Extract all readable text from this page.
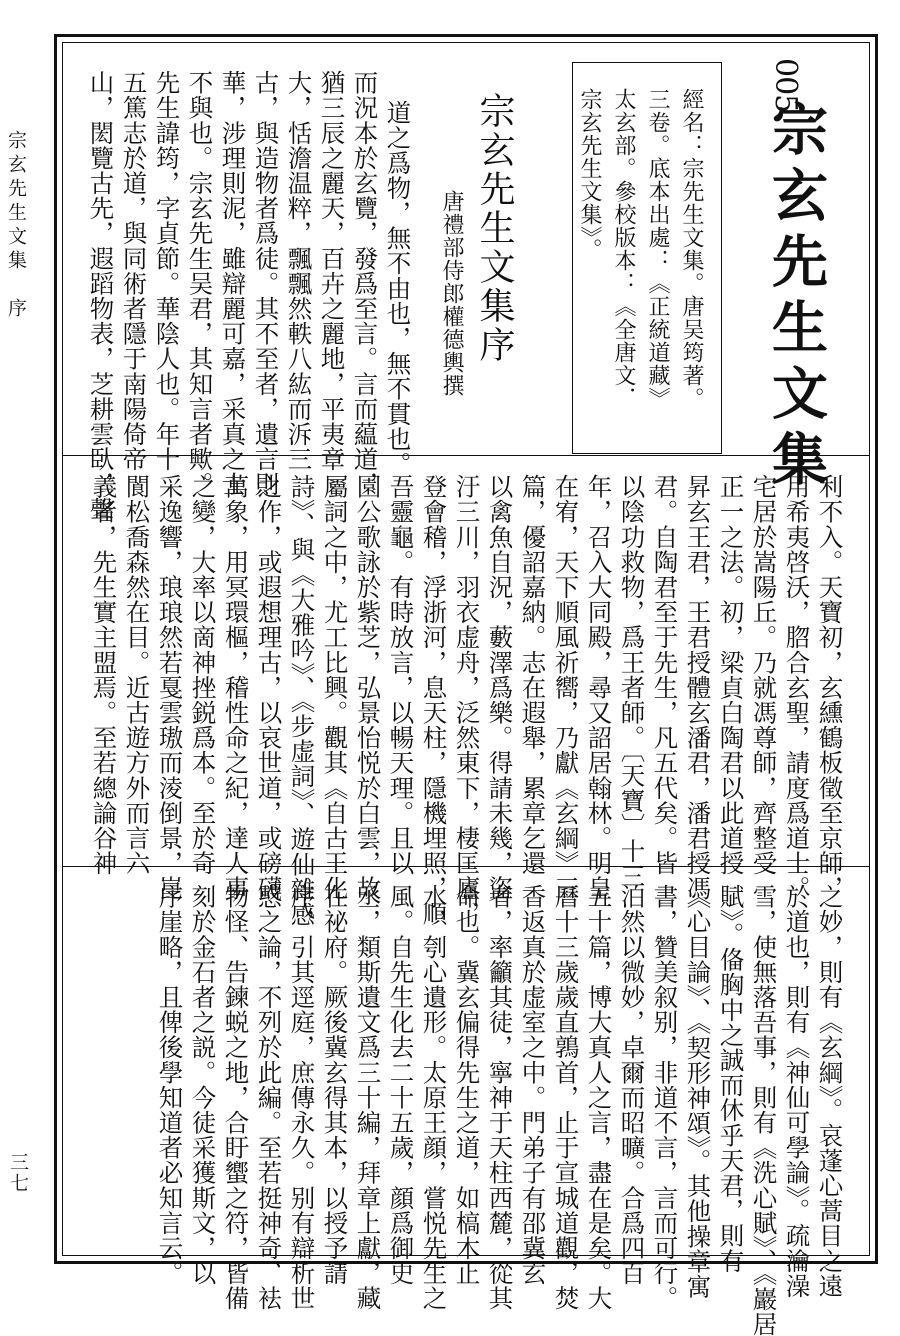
宗玄先生文集　序
三七
005
宗玄先生文集
經名：宗先生文集。唐吴筠著。
三卷。底本出處：《正統道藏》
太玄部。參校版本：《全唐文．
宗玄先生文集》。
宗玄先生文集序
唐禮部侍郎權德輿撰
道之爲物，無不由也，無不貫也。
而況本於玄覽，發爲至言。言而藴道，
猶三辰之麗天，百卉之麗地，平夷章
大，恬澹温粹，飄飄然軼八紘而泝三
古，與造物者爲徒。其不至者，遺言則
華，涉理則泥，雖辯麗可嘉，采真之士
不與也。宗玄先生吴君，其知言者歟。
先生諱筠，字貞節。華陰人也。年十
五篤志於道，與同術者隱于南陽倚帝
山，閎覽古先，遐蹈物表，芝耕雲臥，聲
利不入。天寶初，玄纁鶴板徵至京師，
用希夷啓沃，脗合玄聖，請度爲道士。
宅居於嵩陽丘。乃就馮尊師，齊整受
正一之法。初，梁貞白陶君以此道授
昇玄王君，王君授體玄潘君，潘君授馮
君。自陶君至于先生，凡五代矣。皆
以陰功救物，爲王者師。〔天寶〕十三
年，召入大同殿，尋又詔居翰林。明皇
在宥，天下順風祈嚮，乃獻《玄綱》三
篇，優詔嘉納。志在遐舉，累章乞還
以禽魚自況，藪澤爲樂。得請未幾，盜
汙三川，羽衣虚舟，泛然東下，棲匡廬，
登會稽，浮浙河，息天柱，隱機埋照，順
吾靈龜。有時放言，以暢天理。且以
園公歌詠於紫芝，弘景怡悦於白雲，故
屬詞之中，尤工比興。觀其《自古王化
詩》、與《大雅吟》、《步虚詞》、遊仙雜感
之作，或遐想理古，以哀世道，或磅礴
萬象，用冥環樞，稽性命之紀，達人事
之變，大率以啇神挫鋭爲本。至於奇
采逸響，琅琅然若戛雲璈而淩倒景，崑
閬松喬森然在目。近古遊方外而言六
義者，先生實主盟焉。至若總論谷神
之妙，則有《玄綱》。哀蓬心蒿目之遠
於道也，則有《神仙可學論》。疏瀹澡
雪，使無落吾事，則有《洗心賦》、《巖居
賦》。俻胸中之誠而休乎天君，則有
《心目論》、《契形神頌》。其他操章寓
書，贊美叙别，非道不言，言而可行。
泊然以微妙，卓爾而昭曠。合爲四百
五十篇，博大真人之言，盡在是矣。大
曆十三歲歲直鶉首，止于宣城道觀，焚
香返真於虚室之中。門弟子有邵冀玄
者，率籲其徒，寧神于天柱西麓，從其
命也。冀玄偏得先生之道，如槁木止
水，刳心遺形。太原王顔，嘗悦先生之
風。自先生化去二十五歲，顔爲御史
丞，類斯遺文爲三十編，拜章上獻，藏
在祕府。厥後冀玄得其本，以授予請
序，引其逕庭，庶傳永久。别有辯析世
惑之論，不列於此編。至若挺神奇、袪
物怪、告鍊蜕之地，合盱蠁之符，皆備
刻於金石者之説。今徒采獲斯文，以
序崖略，且俾後學知道者必知言云。
